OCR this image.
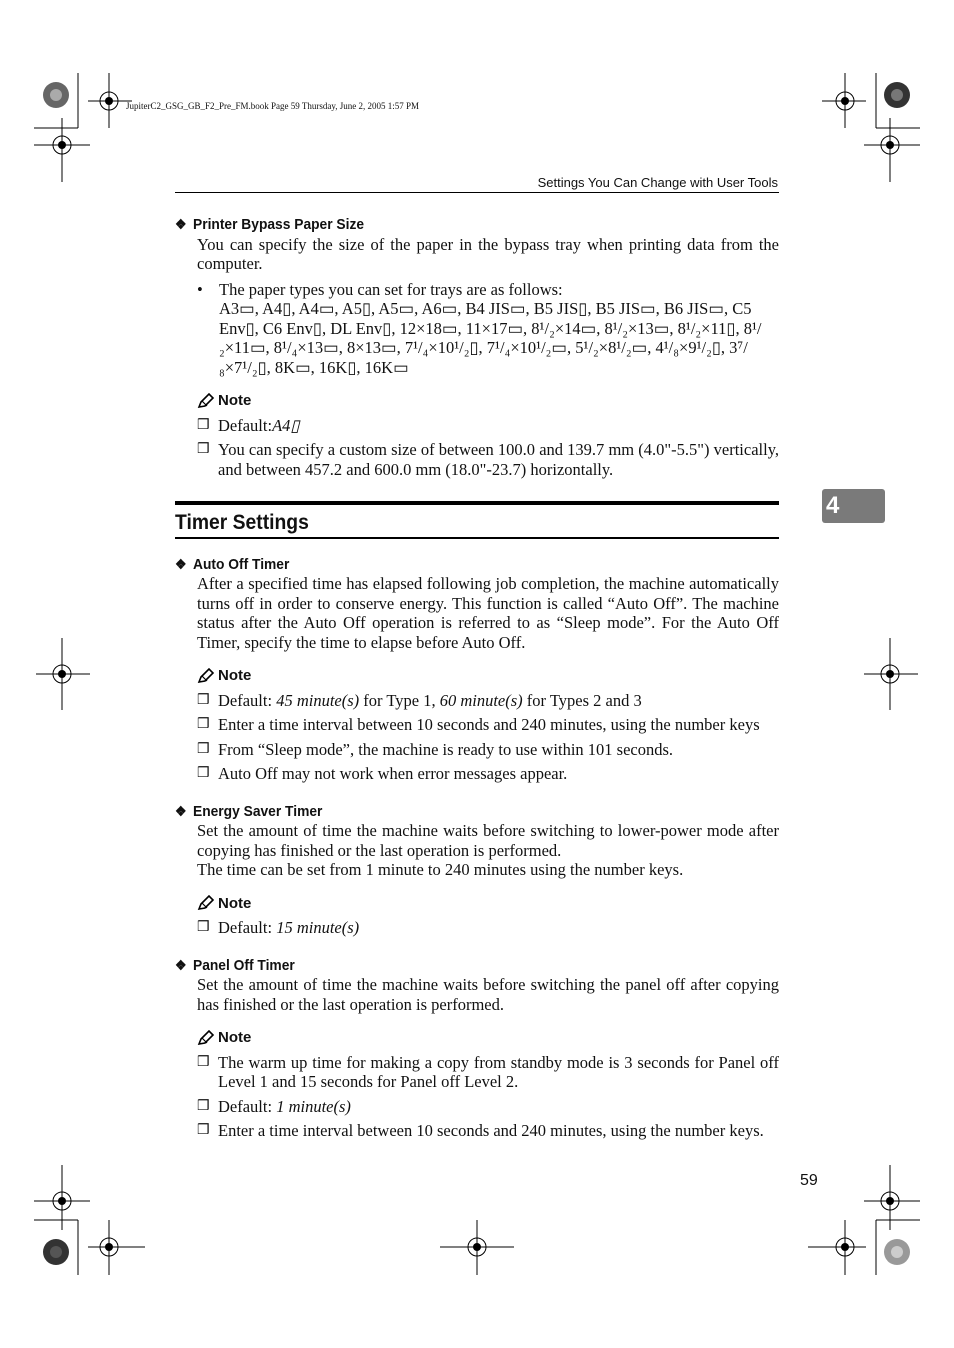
JupiterC2_GSG_GB_F2_Pre_FM.book Page 59 Thursday, June 2, 2005 1:57 PM
Settings You Can Change with User Tools
4
❖ Printer Bypass Paper Size
You can specify the size of the paper in the bypass tray when printing data from the computer.
• The paper types you can set for trays are as follows:
A3▭, A4▯, A4▭, A5▯, A5▭, A6▭, B4 JIS▭, B5 JIS▯, B5 JIS▭, B6 JIS▭, C5 Env▯, C6 Env▯, DL Env▯, 12×18▭, 11×17▭, 8¹/₂×14▭, 8¹/₂×13▭, 8¹/₂×11▯, 8¹/₂×11▭, 8¹/₄×13▭, 8×13▭, 7¹/₄×10¹/₂▯, 7¹/₄×10¹/₂▭, 5¹/₂×8¹/₂▭, 4¹/₈×9¹/₂▯, 3⁷/₈×7¹/₂▯, 8K▭, 16K▯, 16K▭
Note
❒ Default:A4▯
❒ You can specify a custom size of between 100.0 and 139.7 mm (4.0"-5.5") vertically, and between 457.2 and 600.0 mm (18.0"-23.7) horizontally.
Timer Settings
❖ Auto Off Timer
After a specified time has elapsed following job completion, the machine automatically turns off in order to conserve energy. This function is called “Auto Off”. The machine status after the Auto Off operation is referred to as “Sleep mode”. For the Auto Off Timer, specify the time to elapse before Auto Off.
Note
❒ Default: 45 minute(s) for Type 1, 60 minute(s) for Types 2 and 3
❒ Enter a time interval between 10 seconds and 240 minutes, using the number keys
❒ From “Sleep mode”, the machine is ready to use within 101 seconds.
❒ Auto Off may not work when error messages appear.
❖ Energy Saver Timer
Set the amount of time the machine waits before switching to lower-power mode after copying has finished or the last operation is performed.
The time can be set from 1 minute to 240 minutes using the number keys.
Note
❒ Default: 15 minute(s)
❖ Panel Off Timer
Set the amount of time the machine waits before switching the panel off after copying has finished or the last operation is performed.
Note
❒ The warm up time for making a copy from standby mode is 3 seconds for Panel off Level 1 and 15 seconds for Panel off Level 2.
❒ Default: 1 minute(s)
❒ Enter a time interval between 10 seconds and 240 minutes, using the number keys.
59
